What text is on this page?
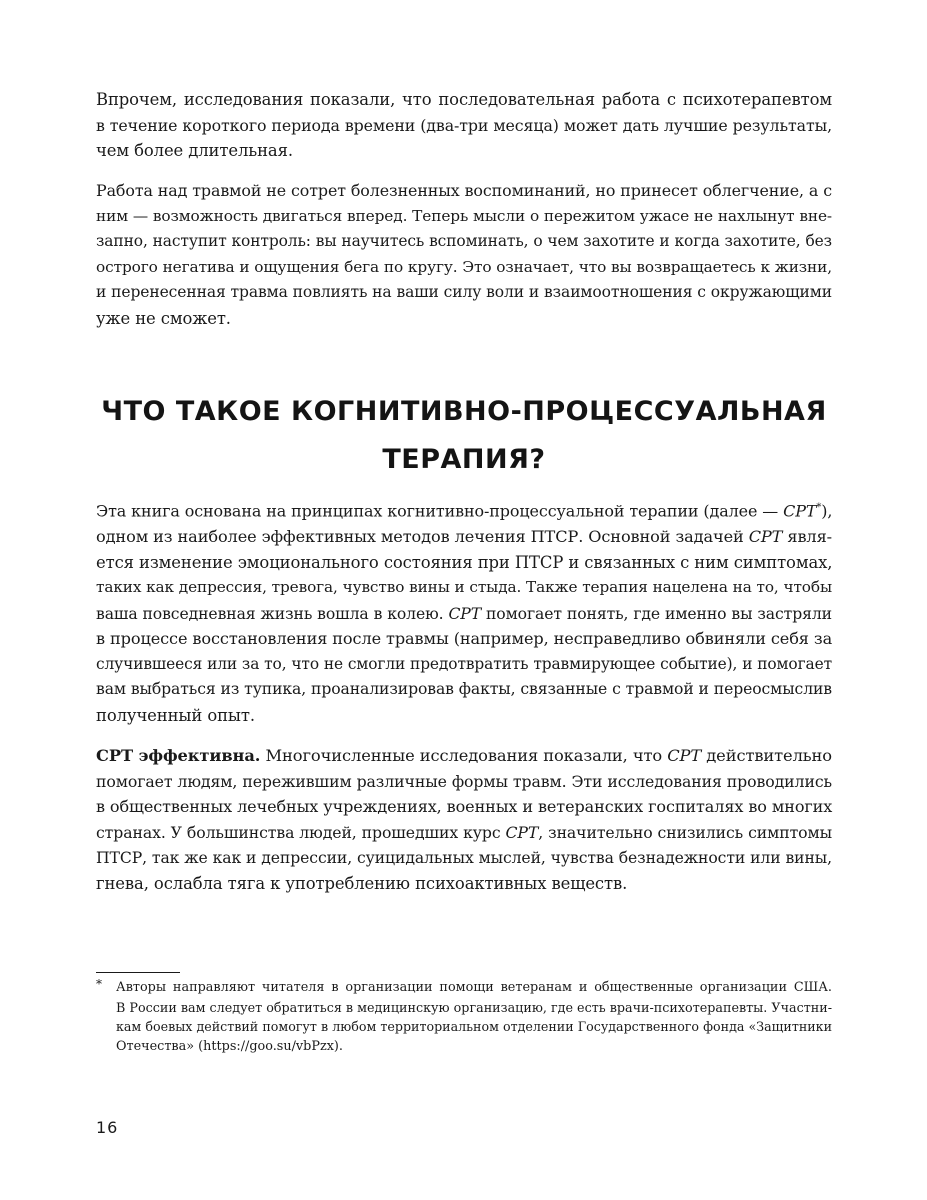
Впрочем, исследования показали, что последовательная работа с психотерапевтом
в течение короткого периода времени (два-три месяца) может дать лучшие результаты,
чем более длительная.

Работа над травмой не сотрет болезненных воспоминаний, но принесет облегчение, а с
ним — возможность двигаться вперед. Теперь мысли о пережитом ужасе не нахлынут вне-
запно, наступит контроль: вы научитесь вспоминать, о чем захотите и когда захотите, без
острого негатива и ощущения бега по кругу. Это означает, что вы возвращаетесь к жизни,
и перенесенная травма повлиять на ваши силу воли и взаимоотношения с окружающими
уже не сможет.

ЧТО ТАКОЕ КОГНИТИВНО-ПРОЦЕССУАЛЬНАЯ
ТЕРАПИЯ?

Эта книга основана на принципах когнитивно-процессуальной терапии (далее — CPT*),
одном из наиболее эффективных методов лечения ПТСР. Основной задачей CPT явля-
ется изменение эмоционального состояния при ПТСР и связанных с ним симптомах,
таких как депрессия, тревога, чувство вины и стыда. Также терапия нацелена на то, чтобы
ваша повседневная жизнь вошла в колею. CPT помогает понять, где именно вы застряли
в процессе восстановления после травмы (например, несправедливо обвиняли себя за
случившееся или за то, что не смогли предотвратить травмирующее событие), и помогает
вам выбраться из тупика, проанализировав факты, связанные с травмой и переосмыслив
полученный опыт.

CPT эффективна. Многочисленные исследования показали, что CPT действительно
помогает людям, пережившим различные формы травм. Эти исследования проводились
в общественных лечебных учреждениях, военных и ветеранских госпиталях во многих
странах. У большинства людей, прошедших курс CPT, значительно снизились симптомы
ПТСР, так же как и депрессии, суицидальных мыслей, чувства безнадежности или вины,
гнева, ослабла тяга к употреблению психоактивных веществ.

* Авторы направляют читателя в организации помощи ветеранам и общественные организации США.
В России вам следует обратиться в медицинскую организацию, где есть врачи-психотерапевты. Участни-
кам боевых действий помогут в любом территориальном отделении Государственного фонда «Защитники
Отечества» (https://goo.su/vbPzx).
16
